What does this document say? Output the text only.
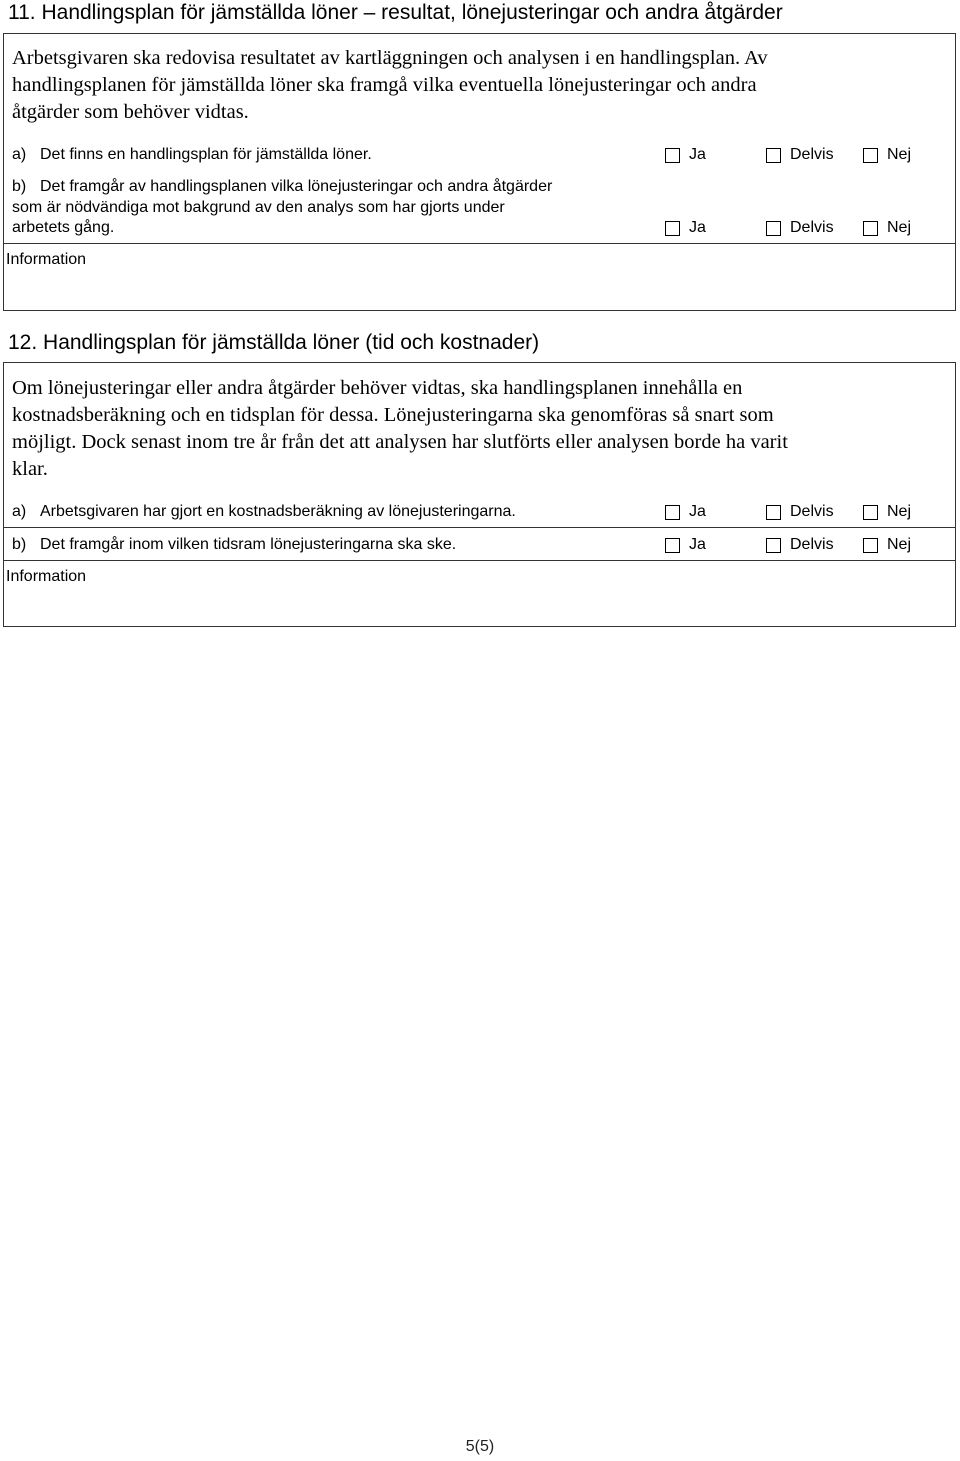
11. Handlingsplan för jämställda löner – resultat, lönejusteringar och andra åtgärder
Arbetsgivaren ska redovisa resultatet av kartläggningen och analysen i en handlingsplan. Av
handlingsplanen för jämställda löner ska framgå vilka eventuella lönejusteringar och andra
åtgärder som behöver vidtas.
a) Det finns en handlingsplan för jämställda löner.	Ja	Delvis	Nej
b) Det framgår av handlingsplanen vilka lönejusteringar och andra åtgärder
som är nödvändiga mot bakgrund av den analys som har gjorts under
arbetets gång.	Ja	Delvis	Nej
Information
12. Handlingsplan för jämställda löner (tid och kostnader)
Om lönejusteringar eller andra åtgärder behöver vidtas, ska handlingsplanen innehålla en
kostnadsberäkning och en tidsplan för dessa. Lönejusteringarna ska genomföras så snart som
möjligt. Dock senast inom tre år från det att analysen har slutförts eller analysen borde ha varit
klar.
a) Arbetsgivaren har gjort en kostnadsberäkning av lönejusteringarna.	Ja	Delvis	Nej
b) Det framgår inom vilken tidsram lönejusteringarna ska ske.	Ja	Delvis	Nej
Information
5(5)
